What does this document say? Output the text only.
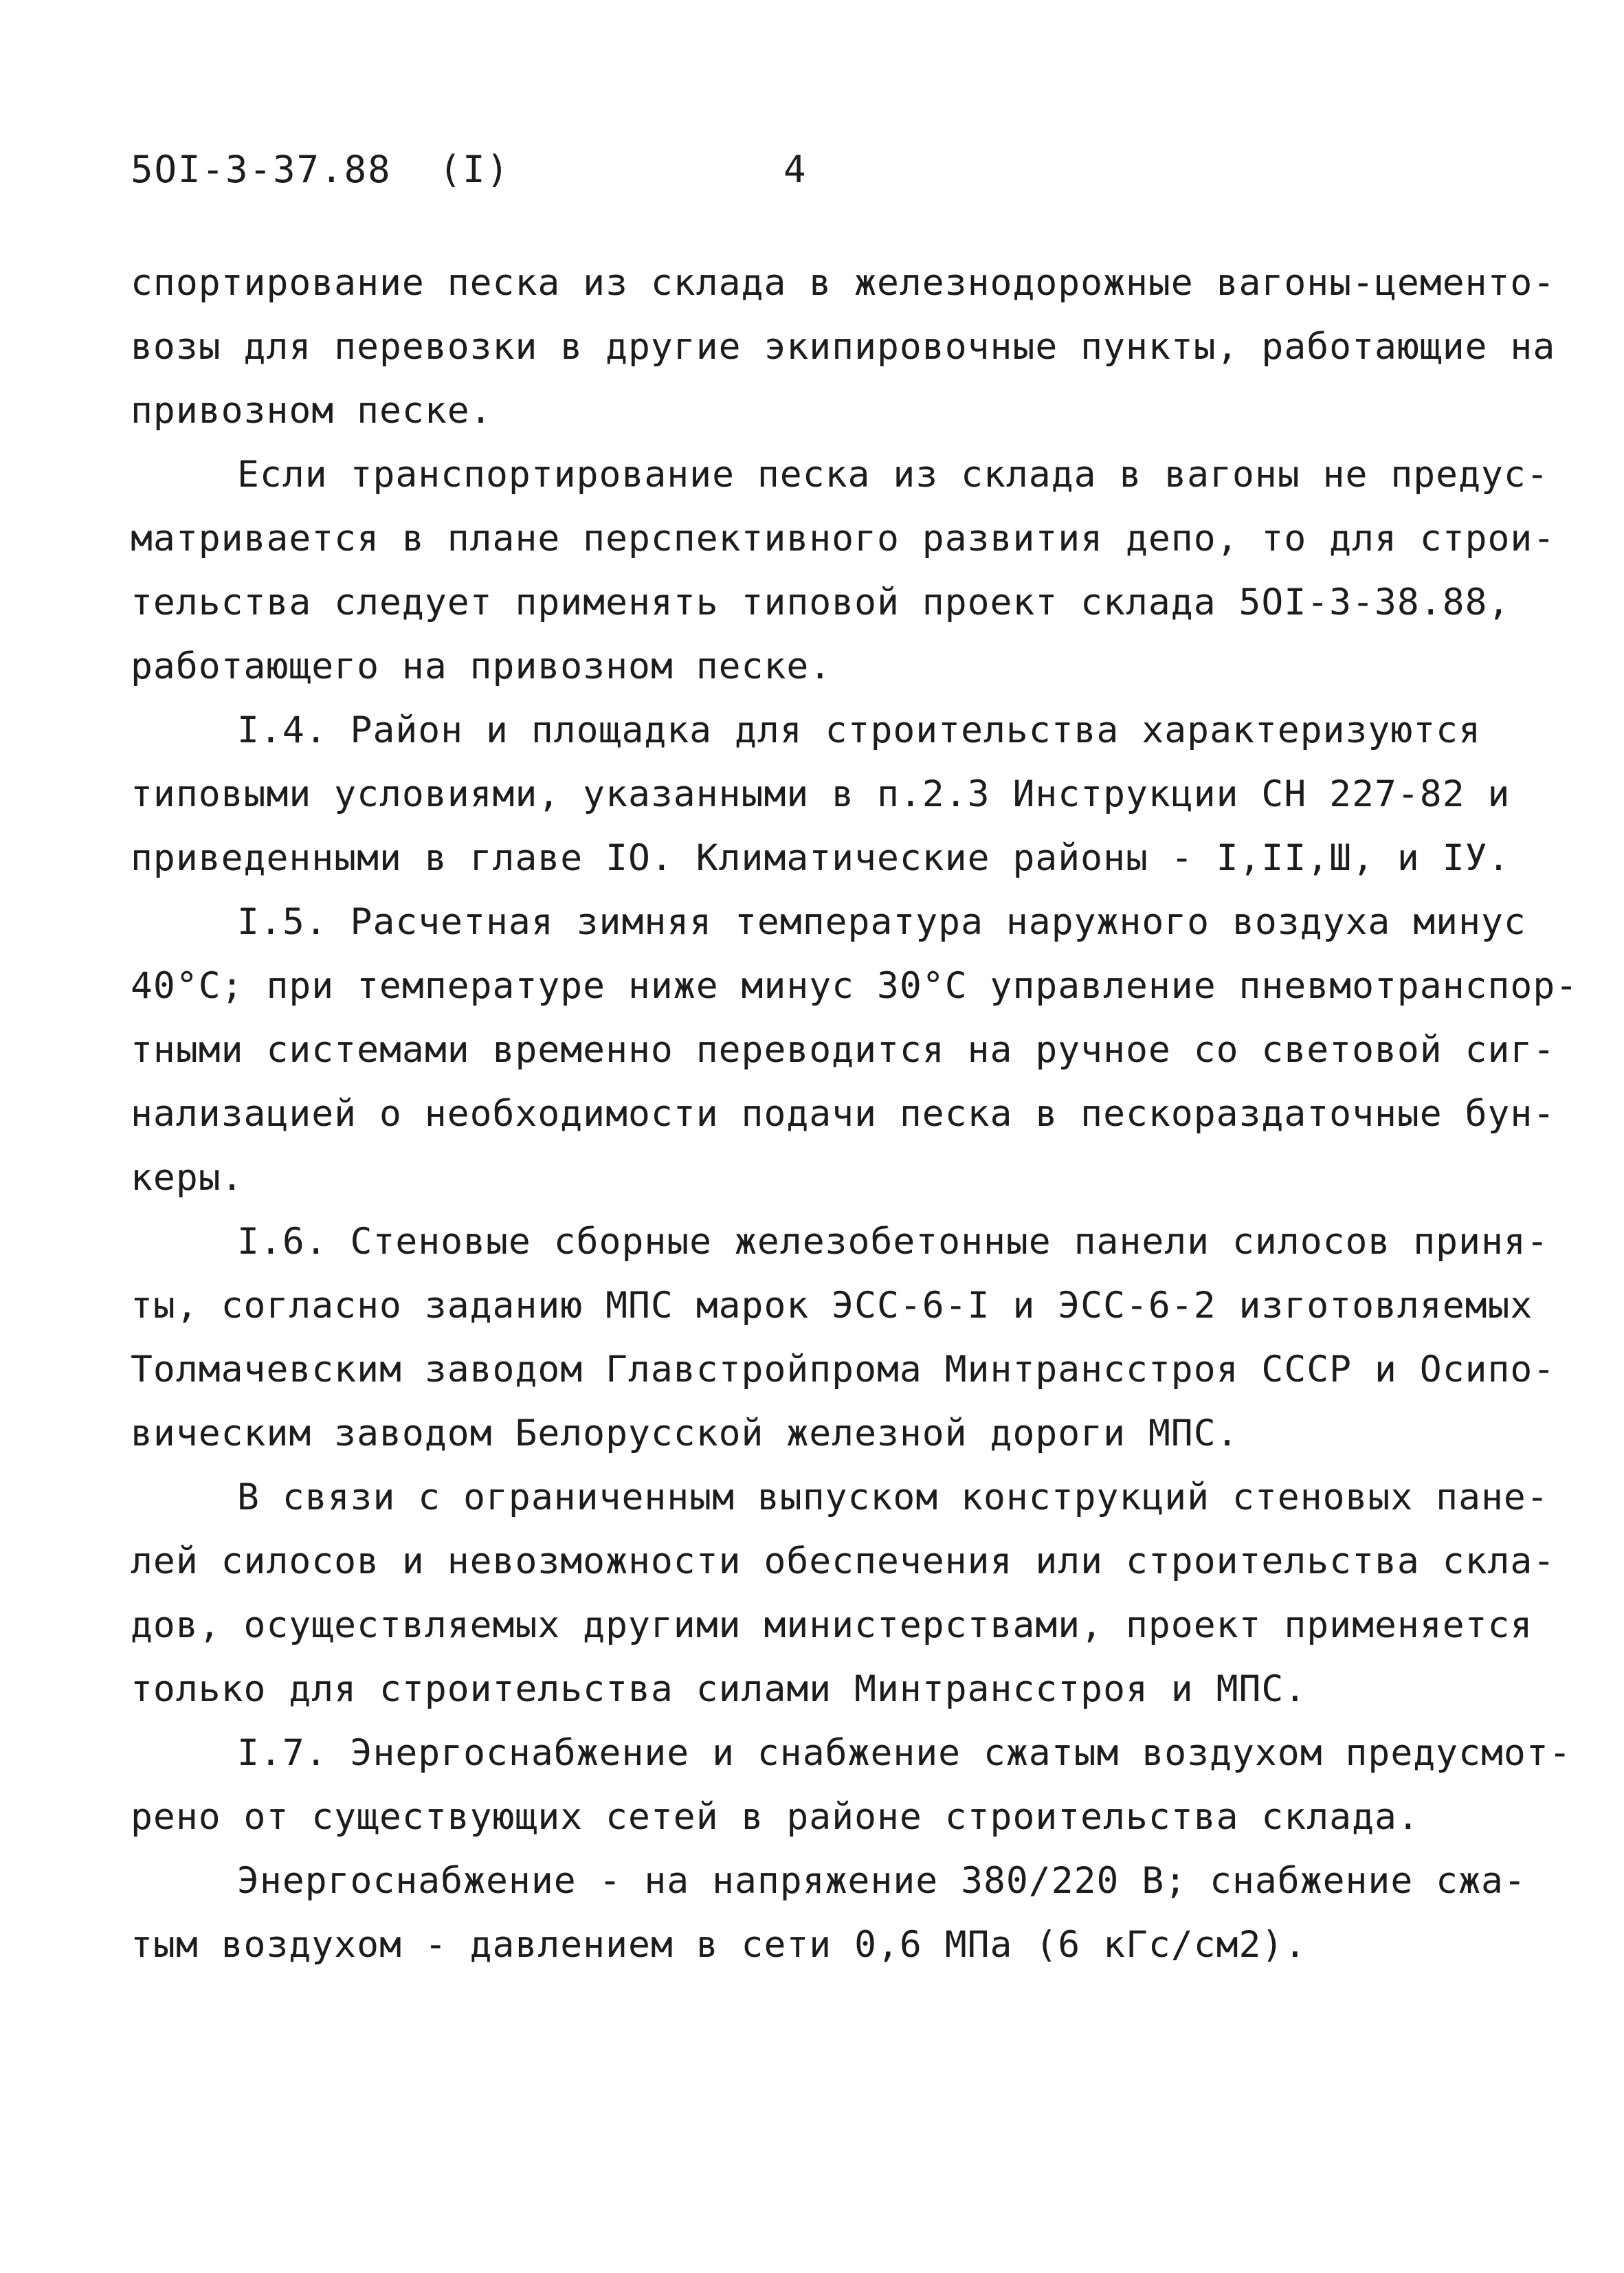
5OI-3-37.88  (I)	4
спортирование песка из склада в железнодорожные вагоны-цементо-
возы для перевозки в другие экипировочные пункты, работающие на
привозном песке.
Если транспортирование песка из склада в вагоны не предус-
матривается в плане перспективного развития депо, то для строи-
тельства следует применять типовой проект склада 5OI-3-38.88,
работающего на привозном песке.
I.4. Район и площадка для строительства характеризуются
типовыми условиями, указанными в п.2.3 Инструкции СН 227-82 и
приведенными в главе IO. Климатические районы - I,II,Ш, и IУ.
I.5. Расчетная зимняя температура наружного воздуха минус
40°С; при температуре ниже минус 30°С управление пневмотранспор-
тными системами временно переводится на ручное со световой сиг-
нализацией о необходимости подачи песка в пескораздаточные бун-
керы.
I.6. Стеновые сборные железобетонные панели силосов приня-
ты, согласно заданию МПС марок ЭСС-6-I и ЭСС-6-2 изготовляемых
Толмачевским заводом Главстройпрома Минтрансстроя СССР и Осипо-
вическим заводом Белорусской железной дороги МПС.
В связи с ограниченным выпуском конструкций стеновых пане-
лей силосов и невозможности обеспечения или строительства скла-
дов, осуществляемых другими министерствами, проект применяется
только для строительства силами Минтрансстроя и МПС.
I.7. Энергоснабжение и снабжение сжатым воздухом предусмот-
рено от существующих сетей в районе строительства склада.
Энергоснабжение - на напряжение 380/220 В; снабжение сжа-
тым воздухом - давлением в сети 0,6 МПа (6 кГс/см2).
